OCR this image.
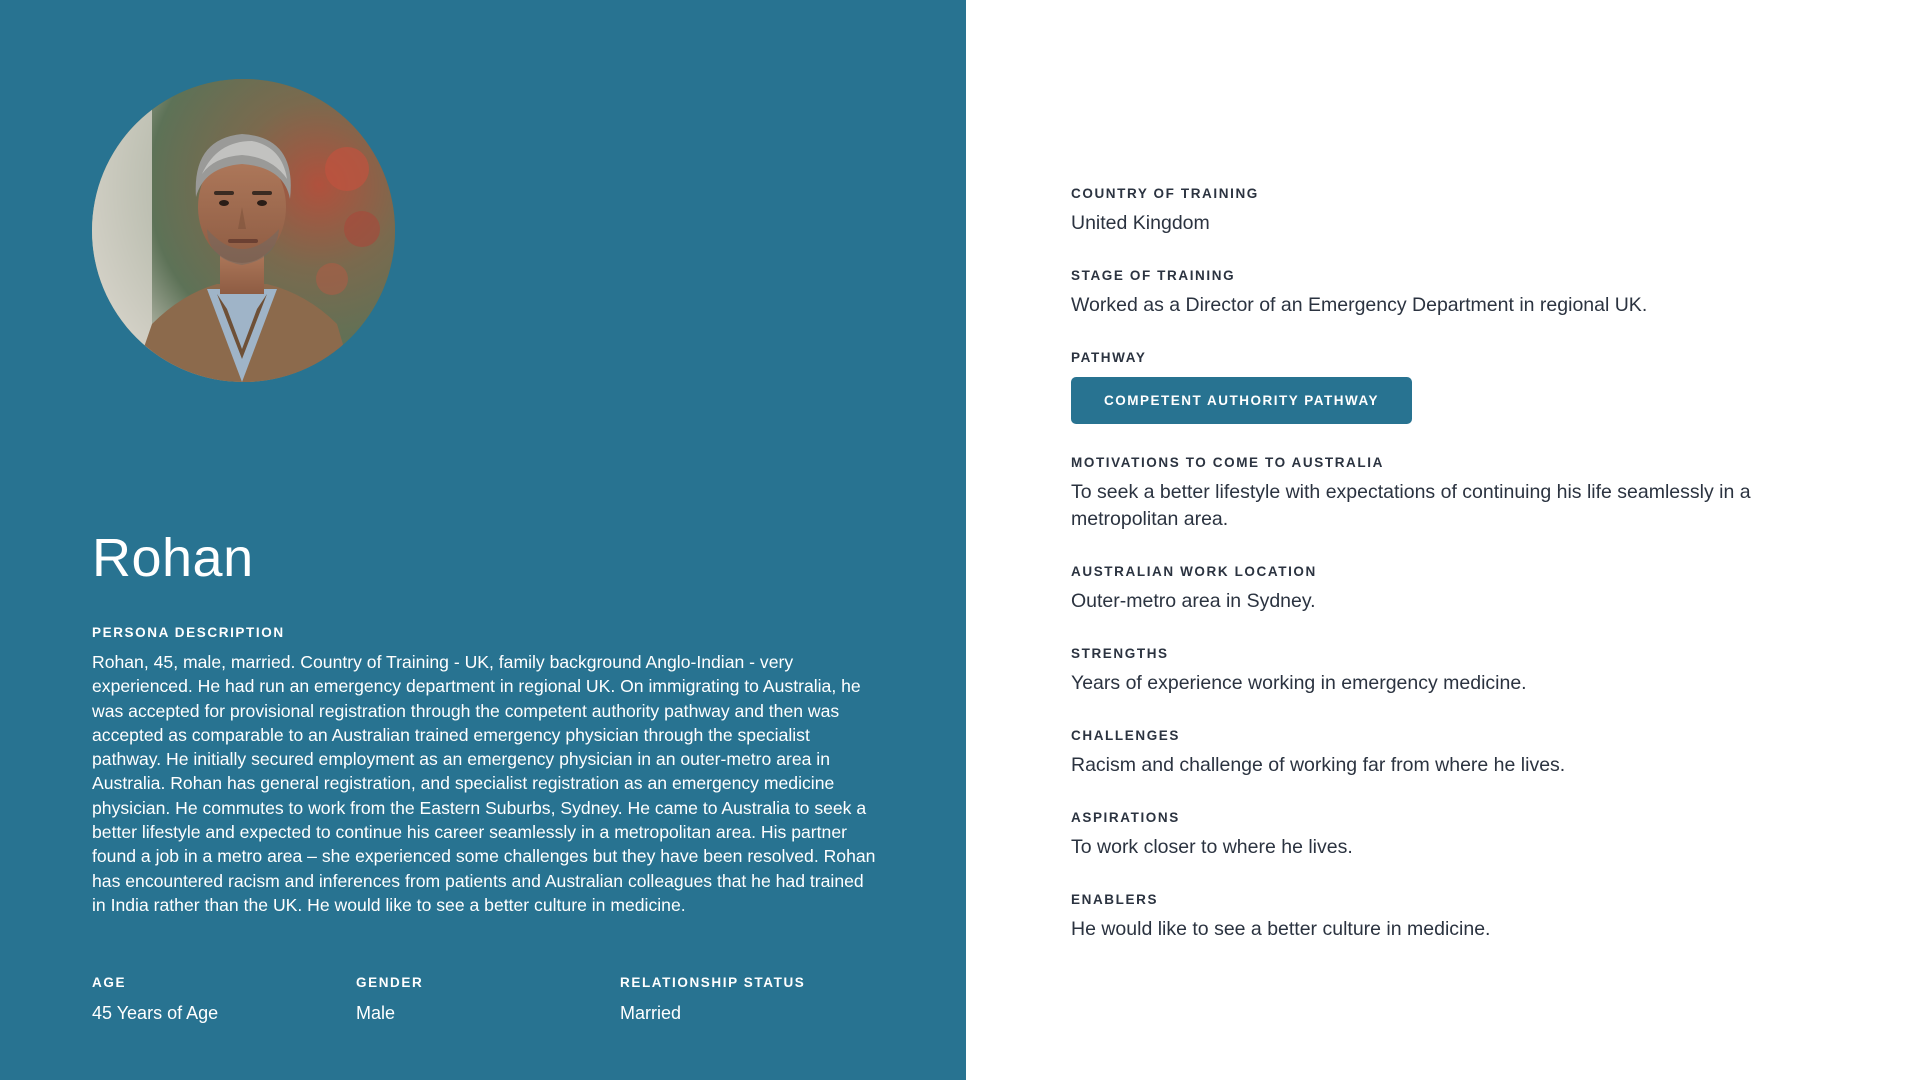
Rohan
PERSONA DESCRIPTION

Rohan, 45, male, married. Country of Training - UK, family background Anglo-Indian - very experienced. He had run an emergency department in regional UK. On immigrating to Australia, he was accepted for provisional registration through the competent authority pathway and then was accepted as comparable to an Australian trained emergency physician through the specialist pathway. He initially secured employment as an emergency physician in an outer-metro area in Australia. Rohan has general registration, and specialist registration as an emergency medicine physician. He commutes to work from the Eastern Suburbs, Sydney. He came to Australia to seek a better lifestyle and expected to continue his career seamlessly in a metropolitan area. His partner found a job in a metro area – she experienced some challenges but they have been resolved. Rohan has encountered racism and inferences from patients and Australian colleagues that he had trained in India rather than the UK. He would like to see a better culture in medicine.

AGE
45 Years of Age
GENDER
Male
RELATIONSHIP STATUS
Married
COUNTRY OF TRAINING
United Kingdom
STAGE OF TRAINING
Worked as a Director of an Emergency Department in regional UK.
PATHWAY
COMPETENT AUTHORITY PATHWAY
MOTIVATIONS TO COME TO AUSTRALIA
To seek a better lifestyle with expectations of continuing his life seamlessly in a metropolitan area.
AUSTRALIAN WORK LOCATION
Outer-metro area in Sydney.
STRENGTHS
Years of experience working in emergency medicine.
CHALLENGES
Racism and challenge of working far from where he lives.
ASPIRATIONS
To work closer to where he lives.
ENABLERS
He would like to see a better culture in medicine.
